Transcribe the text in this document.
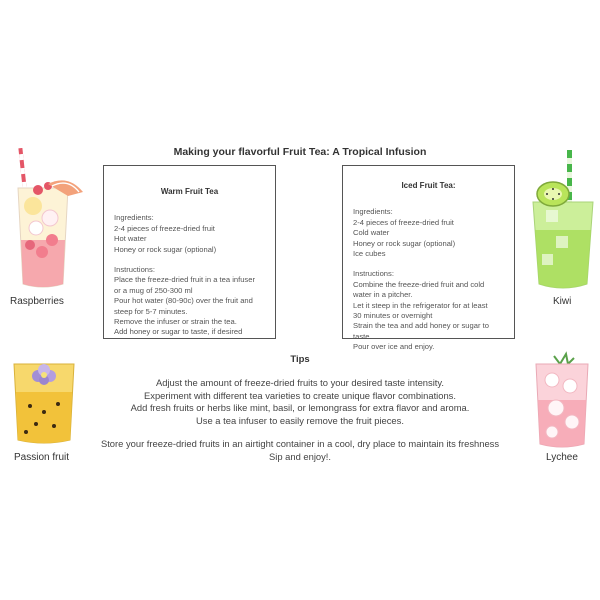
Making your flavorful Fruit Tea: A Tropical Infusion
Raspberries	Kiwi
Passion fruit	Lychee
Warm Fruit Tea
Ingredients:
2-4 pieces of freeze-dried fruit
Hot water
Honey or rock sugar (optional)
Instructions:
Place the freeze-dried fruit in a tea infuser
or a mug of 250-300 ml
Pour hot water (80-90c) over the fruit and
steep for 5-7 minutes.
Remove the infuser or strain the tea.
Add honey or sugar to taste, if desired
Iced Fruit Tea:
Ingredients:
2-4 pieces of freeze-dried fruit
Cold water
Honey or rock sugar (optional)
Ice cubes
Instructions:
Combine the freeze-dried fruit and cold
water in a pitcher.
Let it steep in the refrigerator for at least
30 minutes or overnight
Strain the tea and add honey or sugar to
taste.
Pour over ice and enjoy.
Tips
Adjust the amount of freeze-dried fruits to your desired taste intensity.
Experiment with different tea varieties to create unique flavor combinations.
Add fresh fruits or herbs like mint, basil, or lemongrass for extra flavor and aroma.
Use a tea infuser to easily remove the fruit pieces.
Store your freeze-dried fruits in an airtight container in a cool, dry place to maintain its freshness
Sip and enjoy!.
